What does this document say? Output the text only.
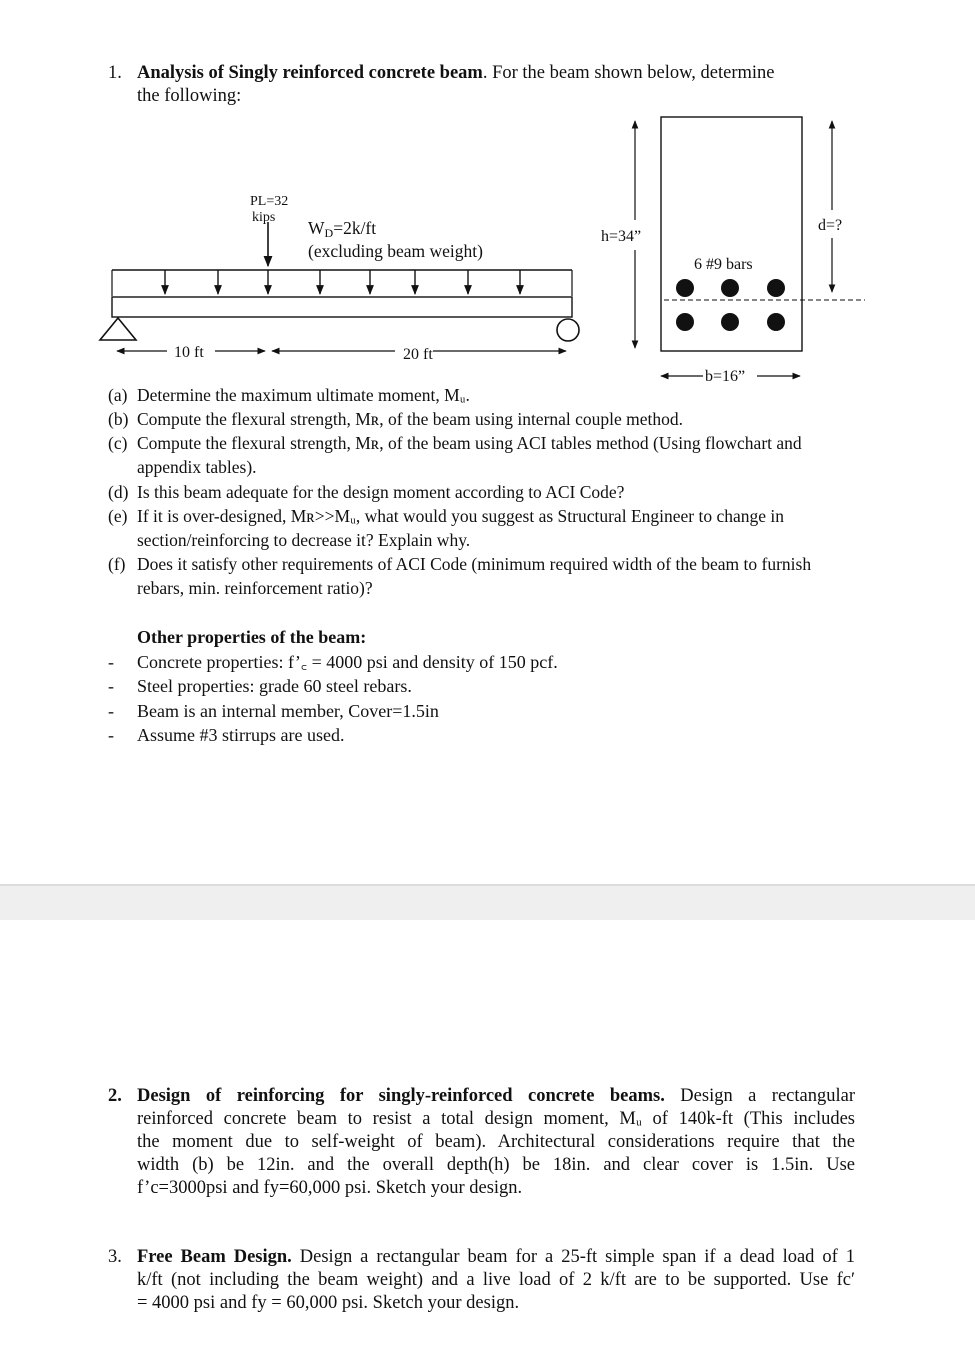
1. Analysis of Singly reinforced concrete beam. For the beam shown below, determine
the following:
PL=32
kips
WD=2k/ft
(excluding beam weight)
10 ft	20 ft
h=34”
d=?
6 #9 bars
b=16”
(a) Determine the maximum ultimate moment, Mᵤ.
(b) Compute the flexural strength, Mʀ, of the beam using internal couple method.
(c) Compute the flexural strength, Mʀ, of the beam using ACI tables method (Using flowchart and
appendix tables).
(d) Is this beam adequate for the design moment according to ACI Code?
(e) If it is over-designed, Mʀ>>Mᵤ, what would you suggest as Structural Engineer to change in
section/reinforcing to decrease it? Explain why.
(f) Does it satisfy other requirements of ACI Code (minimum required width of the beam to furnish
rebars, min. reinforcement ratio)?
Other properties of the beam:
- Concrete properties: f’꜀ = 4000 psi and density of 150 pcf.
- Steel properties: grade 60 steel rebars.
- Beam is an internal member, Cover=1.5in
- Assume #3 stirrups are used.
2. Design of reinforcing for singly-reinforced concrete beams. Design a rectangular
reinforced concrete beam to resist a total design moment, Mᵤ of 140k-ft (This includes
the moment due to self-weight of beam). Architectural considerations require that the
width (b) be 12in. and the overall depth(h) be 18in. and clear cover is 1.5in. Use
f’c=3000psi and fy=60,000 psi. Sketch your design.
3. Free Beam Design. Design a rectangular beam for a 25-ft simple span if a dead load of 1
k/ft (not including the beam weight) and a live load of 2 k/ft are to be supported. Use fc′
= 4000 psi and fy = 60,000 psi. Sketch your design.
